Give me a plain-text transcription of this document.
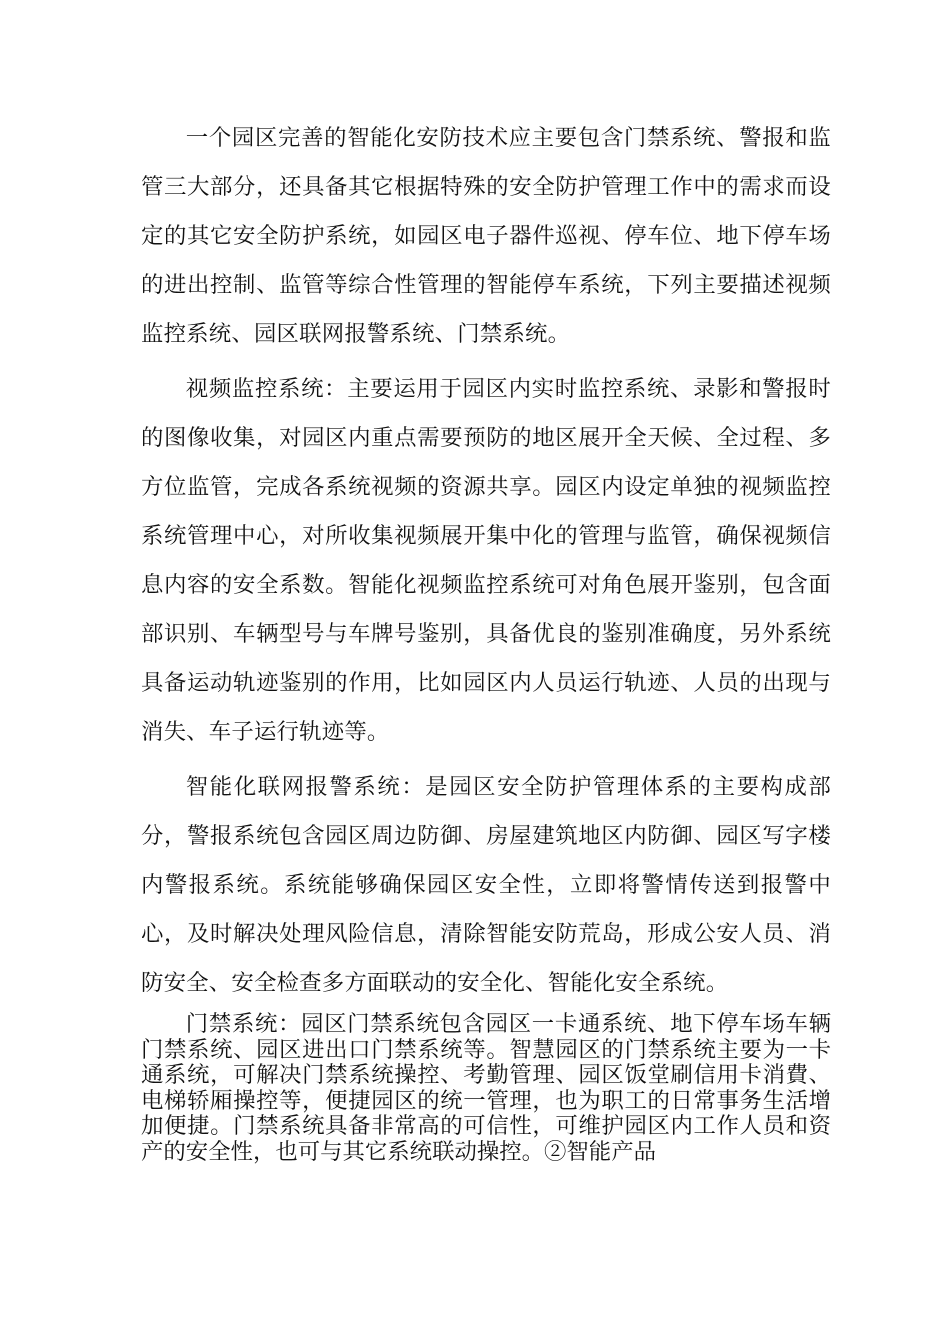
一个园区完善的智能化安防技术应主要包含门禁系统、警报和监管三大部分，还具备其它根据特殊的安全防护管理工作中的需求而设定的其它安全防护系统，如园区电子器件巡视、停车位、地下停车场的进出控制、监管等综合性管理的智能停车系统，下列主要描述视频监控系统、园区联网报警系统、门禁系统。

视频监控系统：主要运用于园区内实时监控系统、录影和警报时的图像收集，对园区内重点需要预防的地区展开全天候、全过程、多方位监管，完成各系统视频的资源共享。园区内设定单独的视频监控系统管理中心，对所收集视频展开集中化的管理与监管，确保视频信息内容的安全系数。智能化视频监控系统可对角色展开鉴别，包含面部识别、车辆型号与车牌号鉴别，具备优良的鉴别准确度，另外系统具备运动轨迹鉴别的作用，比如园区内人员运行轨迹、人员的出现与消失、车子运行轨迹等。

智能化联网报警系统：是园区安全防护管理体系的主要构成部分，警报系统包含园区周边防御、房屋建筑地区内防御、园区写字楼内警报系统。系统能够确保园区安全性，立即将警情传送到报警中心，及时解决处理风险信息，清除智能安防荒岛，形成公安人员、消防安全、安全检查多方面联动的安全化、智能化安全系统。

门禁系统：园区门禁系统包含园区一卡通系统、地下停车场车辆门禁系统、园区进出口门禁系统等。智慧园区的门禁系统主要为一卡通系统，可解决门禁系统操控、考勤管理、园区饭堂刷信用卡消費、电梯轿厢操控等，便捷园区的统一管理，也为职工的日常事务生活增加便捷。门禁系统具备非常高的可信性，可维护园区内工作人员和资产的安全性，也可与其它系统联动操控。②智能产品
